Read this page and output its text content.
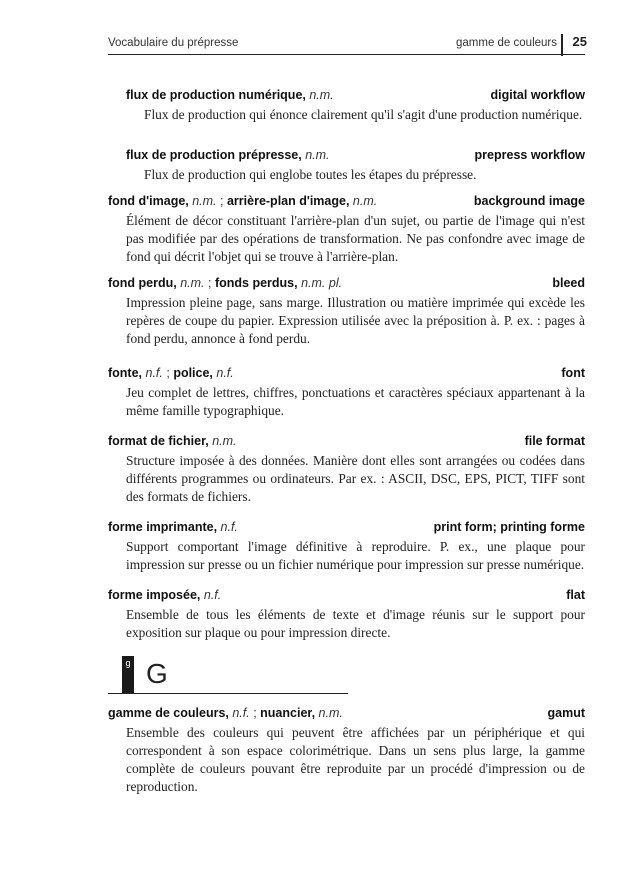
Vocabulaire du prépresse	gamme de couleurs 25
flux de production numérique, n.m.	digital workflow
Flux de production qui énonce clairement qu'il s'agit d'une production numérique.
flux de production prépresse, n.m.	prepress workflow
Flux de production qui englobe toutes les étapes du prépresse.
fond d'image, n.m. ; arrière-plan d'image, n.m.	background image
Élément de décor constituant l'arrière-plan d'un sujet, ou partie de l'image qui n'est pas modifiée par des opérations de transformation. Ne pas confondre avec image de fond qui décrit l'objet qui se trouve à l'arrière-plan.
fond perdu, n.m. ; fonds perdus, n.m. pl.	bleed
Impression pleine page, sans marge. Illustration ou matière imprimée qui excède les repères de coupe du papier. Expression utilisée avec la préposition à. P. ex. : pages à fond perdu, annonce à fond perdu.
fonte, n.f. ; police, n.f.	font
Jeu complet de lettres, chiffres, ponctuations et caractères spéciaux appartenant à la même famille typographique.
format de fichier, n.m.	file format
Structure imposée à des données. Manière dont elles sont arrangées ou codées dans différents programmes ou ordinateurs. Par ex. : ASCII, DSC, EPS, PICT, TIFF sont des formats de fichiers.
forme imprimante, n.f.	print form; printing forme
Support comportant l'image définitive à reproduire. P. ex., une plaque pour impression sur presse ou un fichier numérique pour impression sur presse numérique.
forme imposée, n.f.	flat
Ensemble de tous les éléments de texte et d'image réunis sur le support pour exposition sur plaque ou pour impression directe.
g G
gamme de couleurs, n.f. ; nuancier, n.m.	gamut
Ensemble des couleurs qui peuvent être affichées par un périphérique et qui correspondent à son espace colorimétrique. Dans un sens plus large, la gamme complète de couleurs pouvant être reproduite par un procédé d'impression ou de reproduction.
